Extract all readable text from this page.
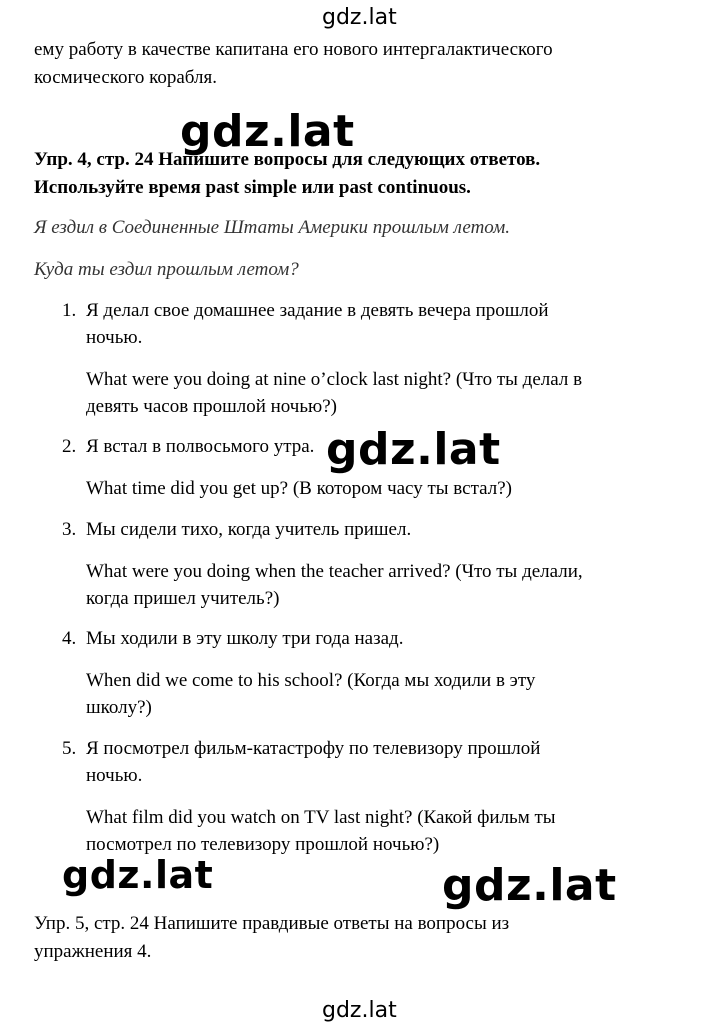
gdz.lat
ему работу в качестве капитана его нового интергалактического
космического корабля.
Упр. 4, стр. 24 Напишите вопросы для следующих ответов.
Используйте время past simple или past continuous.
gdz.lat
Я ездил в Соединенные Штаты Америки прошлым летом.
Куда ты ездил прошлым летом?
1. Я делал свое домашнее задание в девять вечера прошлой
ночью.
What were you doing at nine o’clock last night? (Что ты делал в
девять часов прошлой ночью?)
2. Я встал в полвосьмого утра.
What time did you get up? (В котором часу ты встал?)
gdz.lat
3. Мы сидели тихо, когда учитель пришел.
What were you doing when the teacher arrived? (Что ты делали,
когда пришел учитель?)
4. Мы ходили в эту школу три года назад.
When did we come to his school? (Когда мы ходили в эту
школу?)
5. Я посмотрел фильм-катастрофу по телевизору прошлой
ночью.
What film did you watch on TV last night? (Какой фильм ты
посмотрел по телевизору прошлой ночью?)
gdz.lat	gdz.lat
Упр. 5, стр. 24 Напишите правдивые ответы на вопросы из
упражнения 4.
gdz.lat
